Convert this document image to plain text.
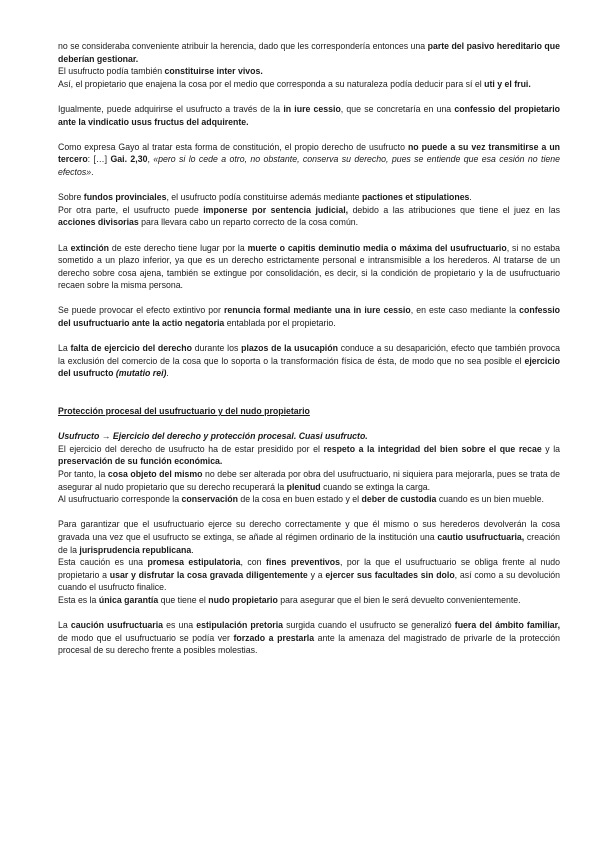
no se consideraba conveniente atribuir la herencia, dado que les correspondería entonces una parte del pasivo hereditario que deberían gestionar.

El usufructo podía también constituirse inter vivos.

Así, el propietario que enajena la cosa por el medio que corresponda a su naturaleza podía deducir para sí el uti y el frui.

Igualmente, puede adquirirse el usufructo a través de la in iure cessio, que se concretaría en una confessio del propietario ante la vindicatio usus fructus del adquirente.

Como expresa Gayo al tratar esta forma de constitución, el propio derecho de usufructo no puede a su vez transmitirse a un tercero: […] Gai. 2,30, «pero si lo cede a otro, no obstante, conserva su derecho, pues se entiende que esa cesión no tiene efectos».

Sobre fundos provinciales, el usufructo podía constituirse además mediante pactiones et stipulationes.

Por otra parte, el usufructo puede imponerse por sentencia judicial, debido a las atribuciones que tiene el juez en las acciones divisorias para llevara cabo un reparto correcto de la cosa común.

La extinción de este derecho tiene lugar por la muerte o capitis deminutio media o máxima del usufructuario, si no estaba sometido a un plazo inferior, ya que es un derecho estrictamente personal e intransmisible a los herederos. Al tratarse de un derecho sobre cosa ajena, también se extingue por consolidación, es decir, si la condición de propietario y la de usufructuario recaen sobre la misma persona.

Se puede provocar el efecto extintivo por renuncia formal mediante una in iure cessio, en este caso mediante la confessio del usufructuario ante la actio negatoria entablada por el propietario.

La falta de ejercicio del derecho durante los plazos de la usucapión conduce a su desaparición, efecto que también provoca la exclusión del comercio de la cosa que lo soporta o la transformación física de ésta, de modo que no sea posible el ejercicio del usufructo (mutatio rei).

Protección procesal del usufructuario y del nudo propietario

Usufructo → Ejercicio del derecho y protección procesal. Cuasi usufructo.

El ejercicio del derecho de usufructo ha de estar presidido por el respeto a la integridad del bien sobre el que recae y la preservación de su función económica.

Por tanto, la cosa objeto del mismo no debe ser alterada por obra del usufructuario, ni siquiera para mejorarla, pues se trata de asegurar al nudo propietario que su derecho recuperará la plenitud cuando se extinga la carga.

Al usufructuario corresponde la conservación de la cosa en buen estado y el deber de custodia cuando es un bien mueble.

Para garantizar que el usufructuario ejerce su derecho correctamente y que él mismo o sus herederos devolverán la cosa gravada una vez que el usufructo se extinga, se añade al régimen ordinario de la institución una cautio usufructuaria, creación de la jurisprudencia republicana.

Esta caución es una promesa estipulatoria, con fines preventivos, por la que el usufructuario se obliga frente al nudo propietario a usar y disfrutar la cosa gravada diligentemente y a ejercer sus facultades sin dolo, así como a su devolución cuando el usufructo finalice.

Esta es la única garantía que tiene el nudo propietario para asegurar que el bien le será devuelto convenientemente.

La caución usufructuaria es una estipulación pretoria surgida cuando el usufructo se generalizó fuera del ámbito familiar, de modo que el usufructuario se podía ver forzado a prestarla ante la amenaza del magistrado de privarle de la protección procesal de su derecho frente a posibles molestias.
